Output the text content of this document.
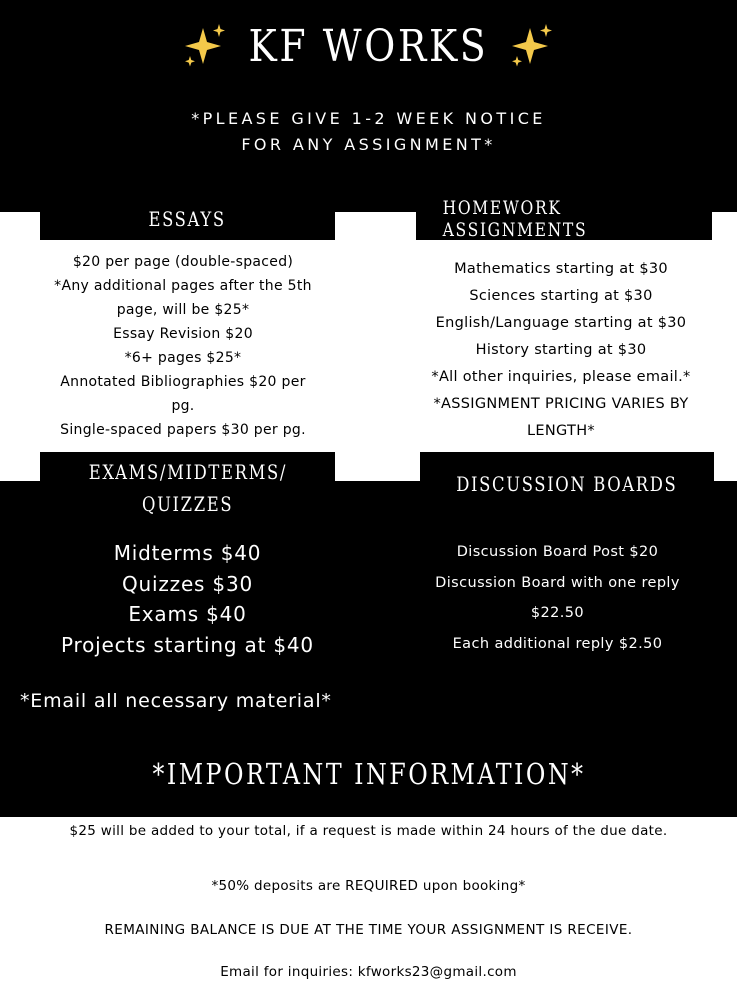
KF WORKS
*PLEASE GIVE 1-2 WEEK NOTICE
FOR ANY ASSIGNMENT*
ESSAYS	HOMEWORK ASSIGNMENTS
$20 per page (double-spaced)
*Any additional pages after the 5th
page, will be $25*
Essay Revision $20
*6+ pages $25*
Annotated Bibliographies $20 per
pg.
Single-spaced papers $30 per pg.
Mathematics starting at $30
Sciences starting at $30
English/Language starting at $30
History starting at $30
*All other inquiries, please email.*
*ASSIGNMENT PRICING VARIES BY
LENGTH*
EXAMS/MIDTERMS/
QUIZZES
DISCUSSION BOARDS
Midterms $40
Quizzes $30
Exams $40
Projects starting at $40
Discussion Board Post $20
Discussion Board with one reply
$22.50
Each additional reply $2.50
*Email all necessary material*
*IMPORTANT INFORMATION*
$25 will be added to your total, if a request is made within 24 hours of the due date.
*50% deposits are REQUIRED upon booking*
REMAINING BALANCE IS DUE AT THE TIME YOUR ASSIGNMENT IS RECEIVE.
Email for inquiries: kfworks23@gmail.com
